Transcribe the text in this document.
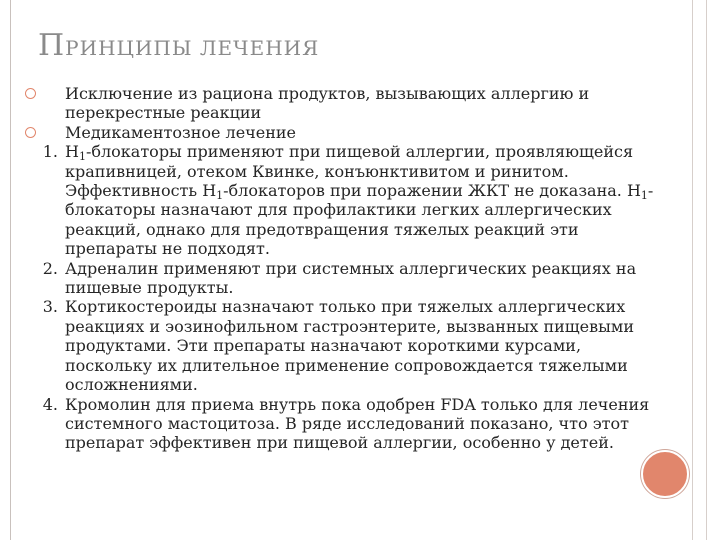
ПРИНЦИПЫ ЛЕЧЕНИЯ

Исключение из рациона продуктов, вызывающих аллергию и перекрестные реакции

Медикаментозное лечение

1. $H_1$-блокаторы применяют при пищевой аллергии, проявляющейся крапивницей, отеком Квинке, конъюнктивитом и ринитом. Эффективность $H_1$-блокаторов при поражении ЖКТ не доказана. $H_1$-блокаторы назначают для профилактики легких аллергических реакций, однако для предотвращения тяжелых реакций эти препараты не подходят.

2. Адреналин применяют при системных аллергических реакциях на пищевые продукты.

3. Кортикостероиды назначают только при тяжелых аллергических реакциях и эозинофильном гастроэнтерите, вызванных пищевыми продуктами. Эти препараты назначают короткими курсами, поскольку их длительное применение сопровождается тяжелыми осложнениями.

4. Кромолин для приема внутрь пока одобрен FDA только для лечения системного мастоцитоза. В ряде исследований показано, что этот препарат эффективен при пищевой аллергии, особенно у детей.
